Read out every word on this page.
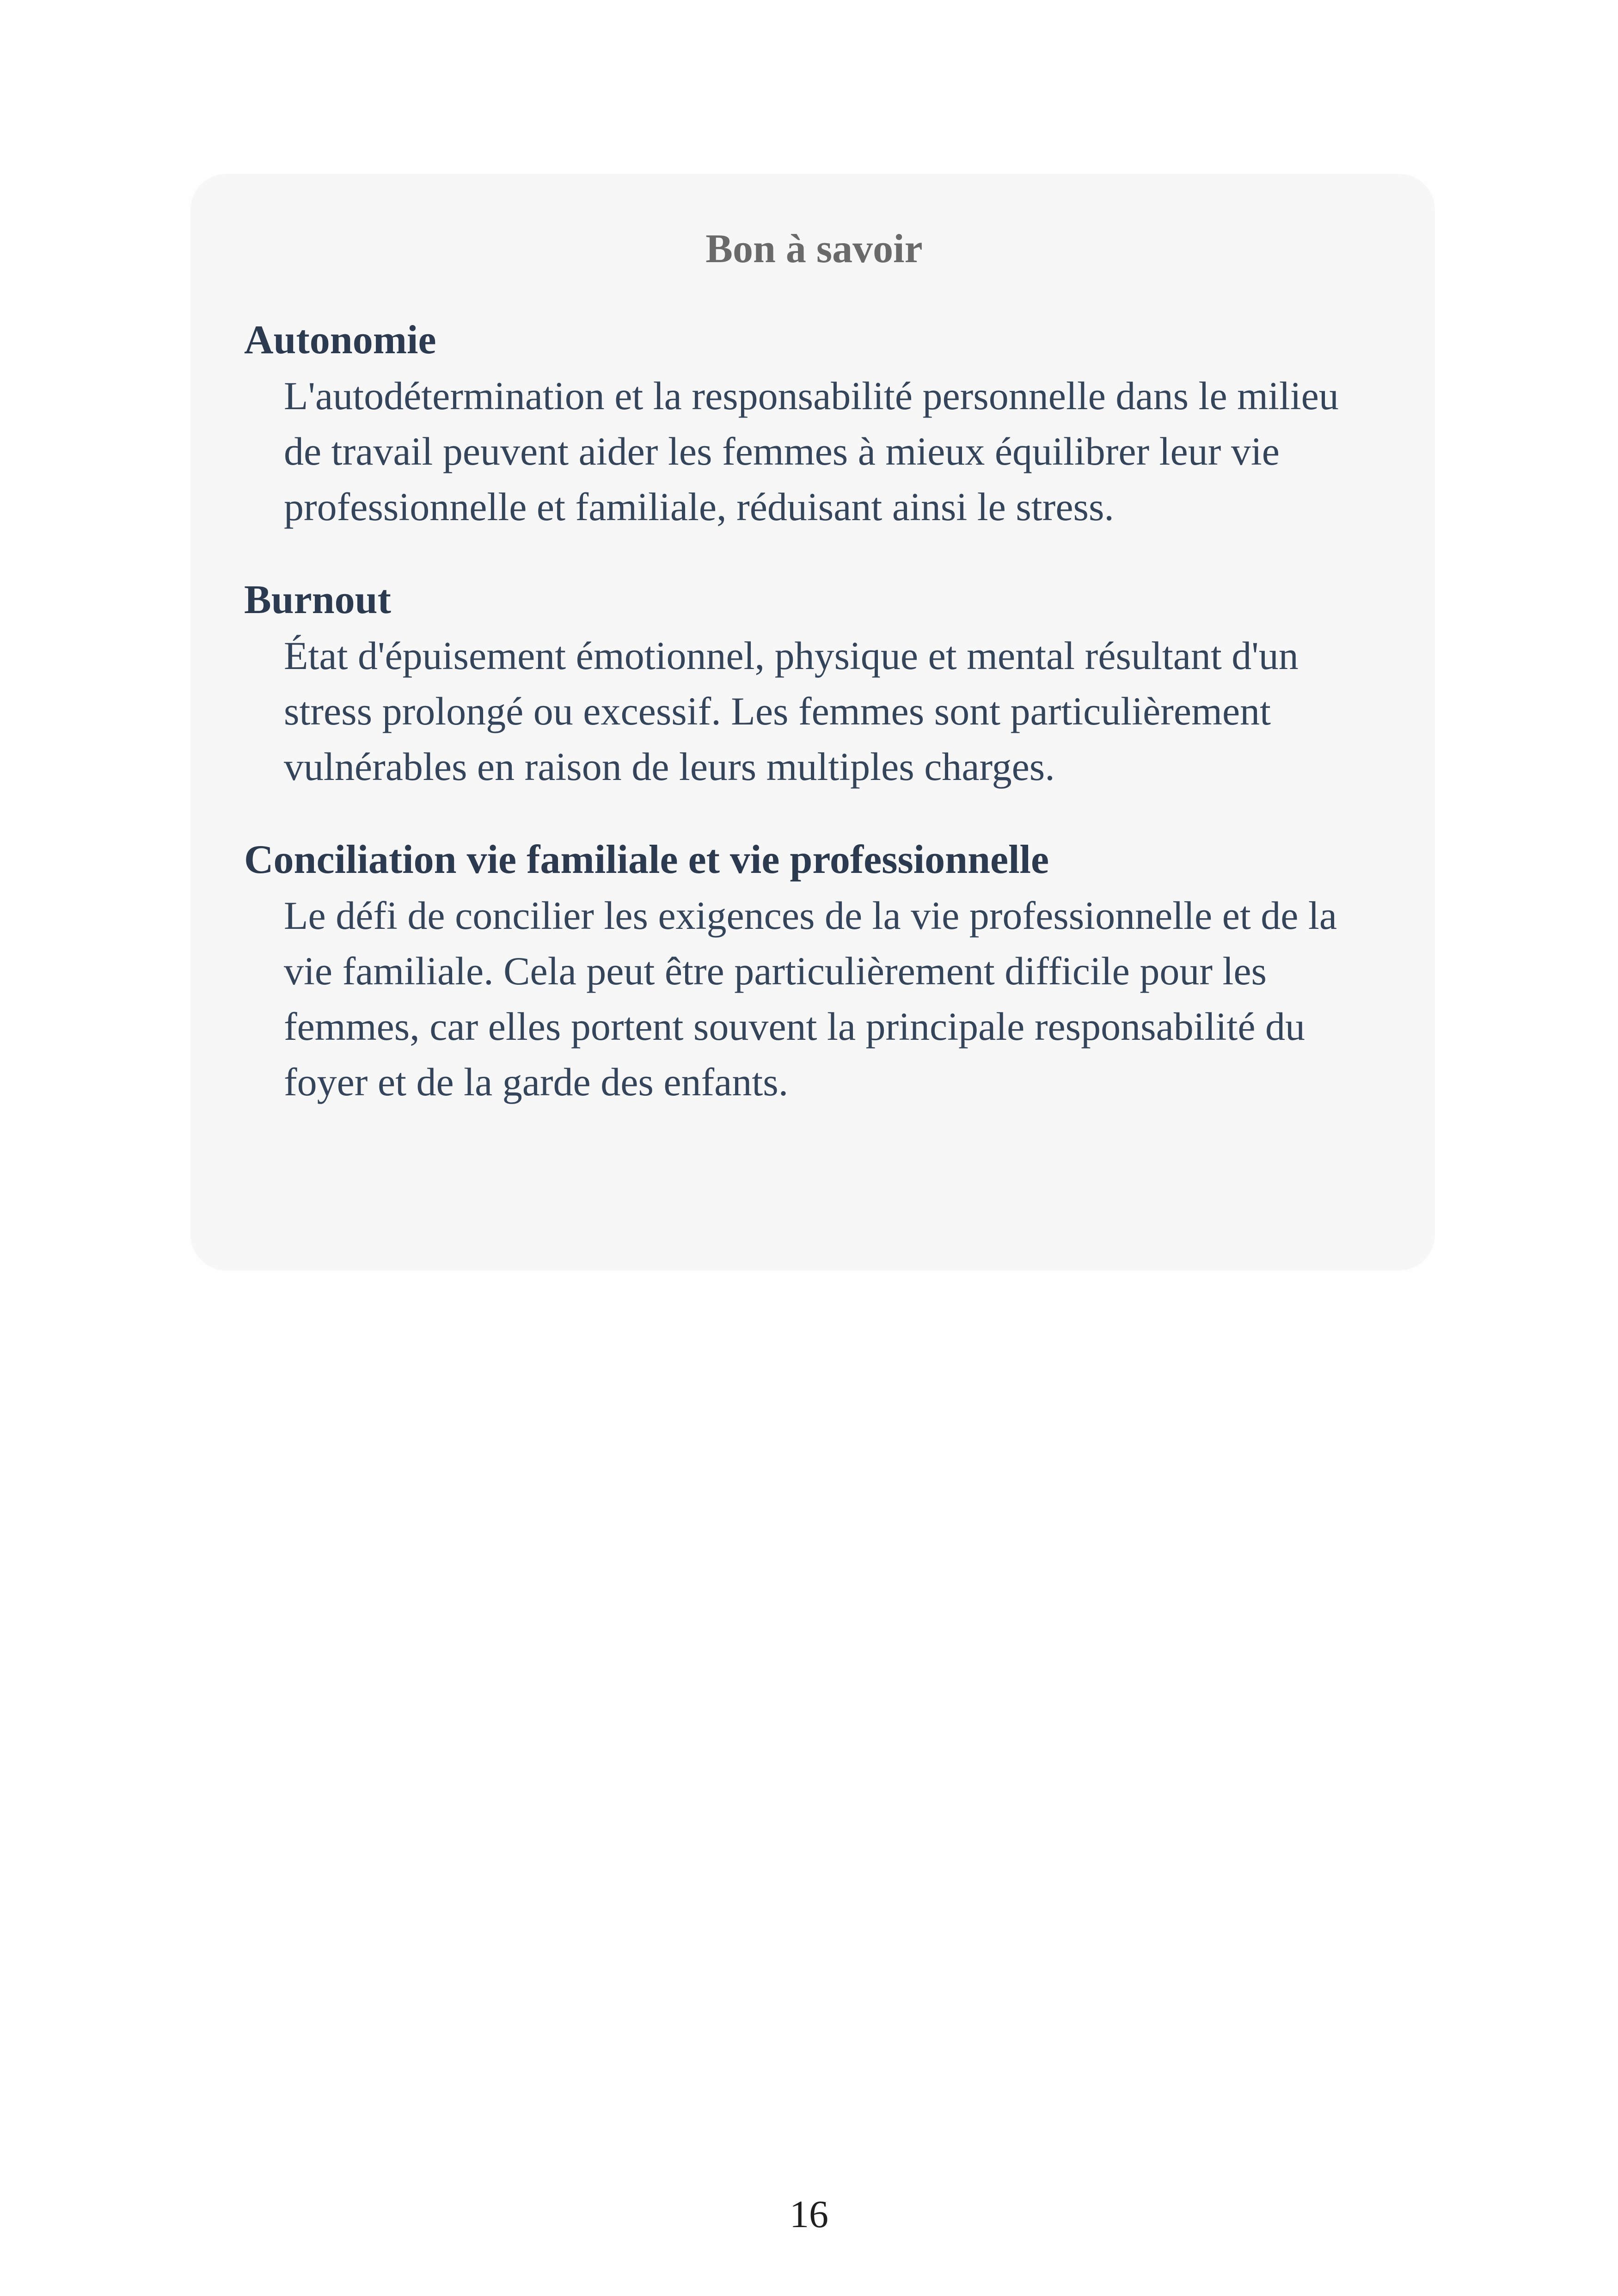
Bon à savoir
Autonomie
L'autodétermination et la responsabilité personnelle dans le milieu de travail peuvent aider les femmes à mieux équilibrer leur vie professionnelle et familiale, réduisant ainsi le stress.
Burnout
État d'épuisement émotionnel, physique et mental résultant d'un stress prolongé ou excessif. Les femmes sont particulièrement vulnérables en raison de leurs multiples charges.
Conciliation vie familiale et vie professionnelle
Le défi de concilier les exigences de la vie professionnelle et de la vie familiale. Cela peut être particulièrement difficile pour les femmes, car elles portent souvent la principale responsabilité du foyer et de la garde des enfants.
16
